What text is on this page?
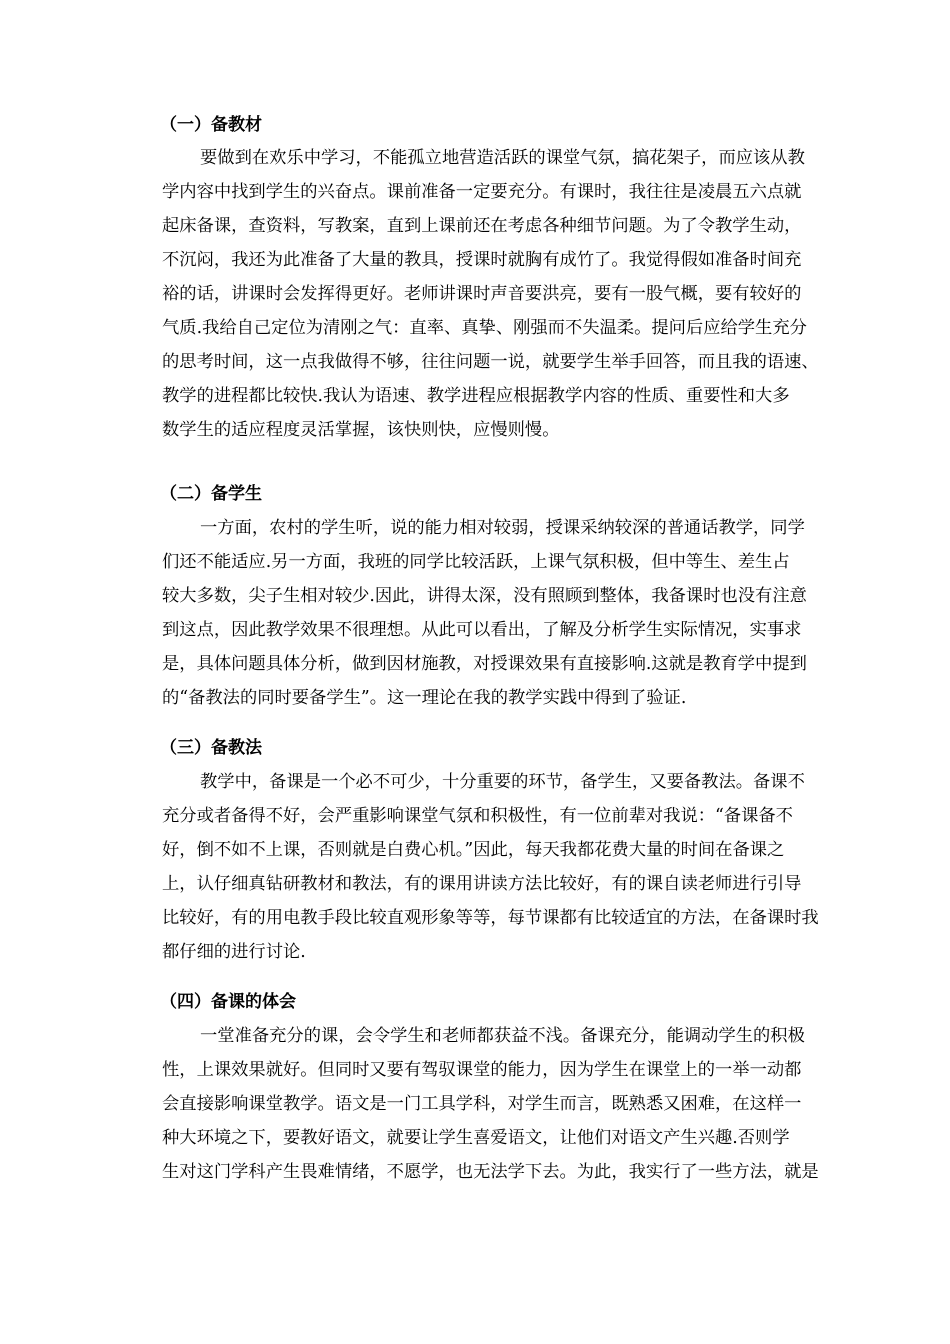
（一）备教材
要做到在欢乐中学习，不能孤立地营造活跃的课堂气氛，搞花架子，而应该从教
学内容中找到学生的兴奋点。课前准备一定要充分。有课时，我往往是凌晨五六点就
起床备课，查资料，写教案，直到上课前还在考虑各种细节问题。为了令教学生动，
不沉闷，我还为此准备了大量的教具，授课时就胸有成竹了。我觉得假如准备时间充
裕的话，讲课时会发挥得更好。老师讲课时声音要洪亮，要有一股气概，要有较好的
气质.我给自己定位为清刚之气：直率、真挚、刚强而不失温柔。提问后应给学生充分
的思考时间，这一点我做得不够，往往问题一说，就要学生举手回答，而且我的语速、
教学的进程都比较快.我认为语速、教学进程应根据教学内容的性质、重要性和大多
数学生的适应程度灵活掌握，该快则快，应慢则慢。
（二）备学生
一方面，农村的学生听，说的能力相对较弱，授课采纳较深的普通话教学，同学
们还不能适应.另一方面，我班的同学比较活跃，上课气氛积极，但中等生、差生占
较大多数，尖子生相对较少.因此，讲得太深，没有照顾到整体，我备课时也没有注意
到这点，因此教学效果不很理想。从此可以看出，了解及分析学生实际情况，实事求
是，具体问题具体分析，做到因材施教，对授课效果有直接影响.这就是教育学中提到
的“备教法的同时要备学生”。这一理论在我的教学实践中得到了验证.
（三）备教法
教学中，备课是一个必不可少，十分重要的环节，备学生，又要备教法。备课不
充分或者备得不好，会严重影响课堂气氛和积极性，有一位前辈对我说：“备课备不
好，倒不如不上课，否则就是白费心机。”因此，每天我都花费大量的时间在备课之
上，认仔细真钻研教材和教法，有的课用讲读方法比较好，有的课自读老师进行引导
比较好，有的用电教手段比较直观形象等等，每节课都有比较适宜的方法，在备课时我
都仔细的进行讨论.
（四）备课的体会
一堂准备充分的课，会令学生和老师都获益不浅。备课充分，能调动学生的积极
性，上课效果就好。但同时又要有驾驭课堂的能力，因为学生在课堂上的一举一动都
会直接影响课堂教学。语文是一门工具学科，对学生而言，既熟悉又困难，在这样一
种大环境之下，要教好语文，就要让学生喜爱语文，让他们对语文产生兴趣.否则学
生对这门学科产生畏难情绪，不愿学，也无法学下去。为此，我实行了一些方法，就是
